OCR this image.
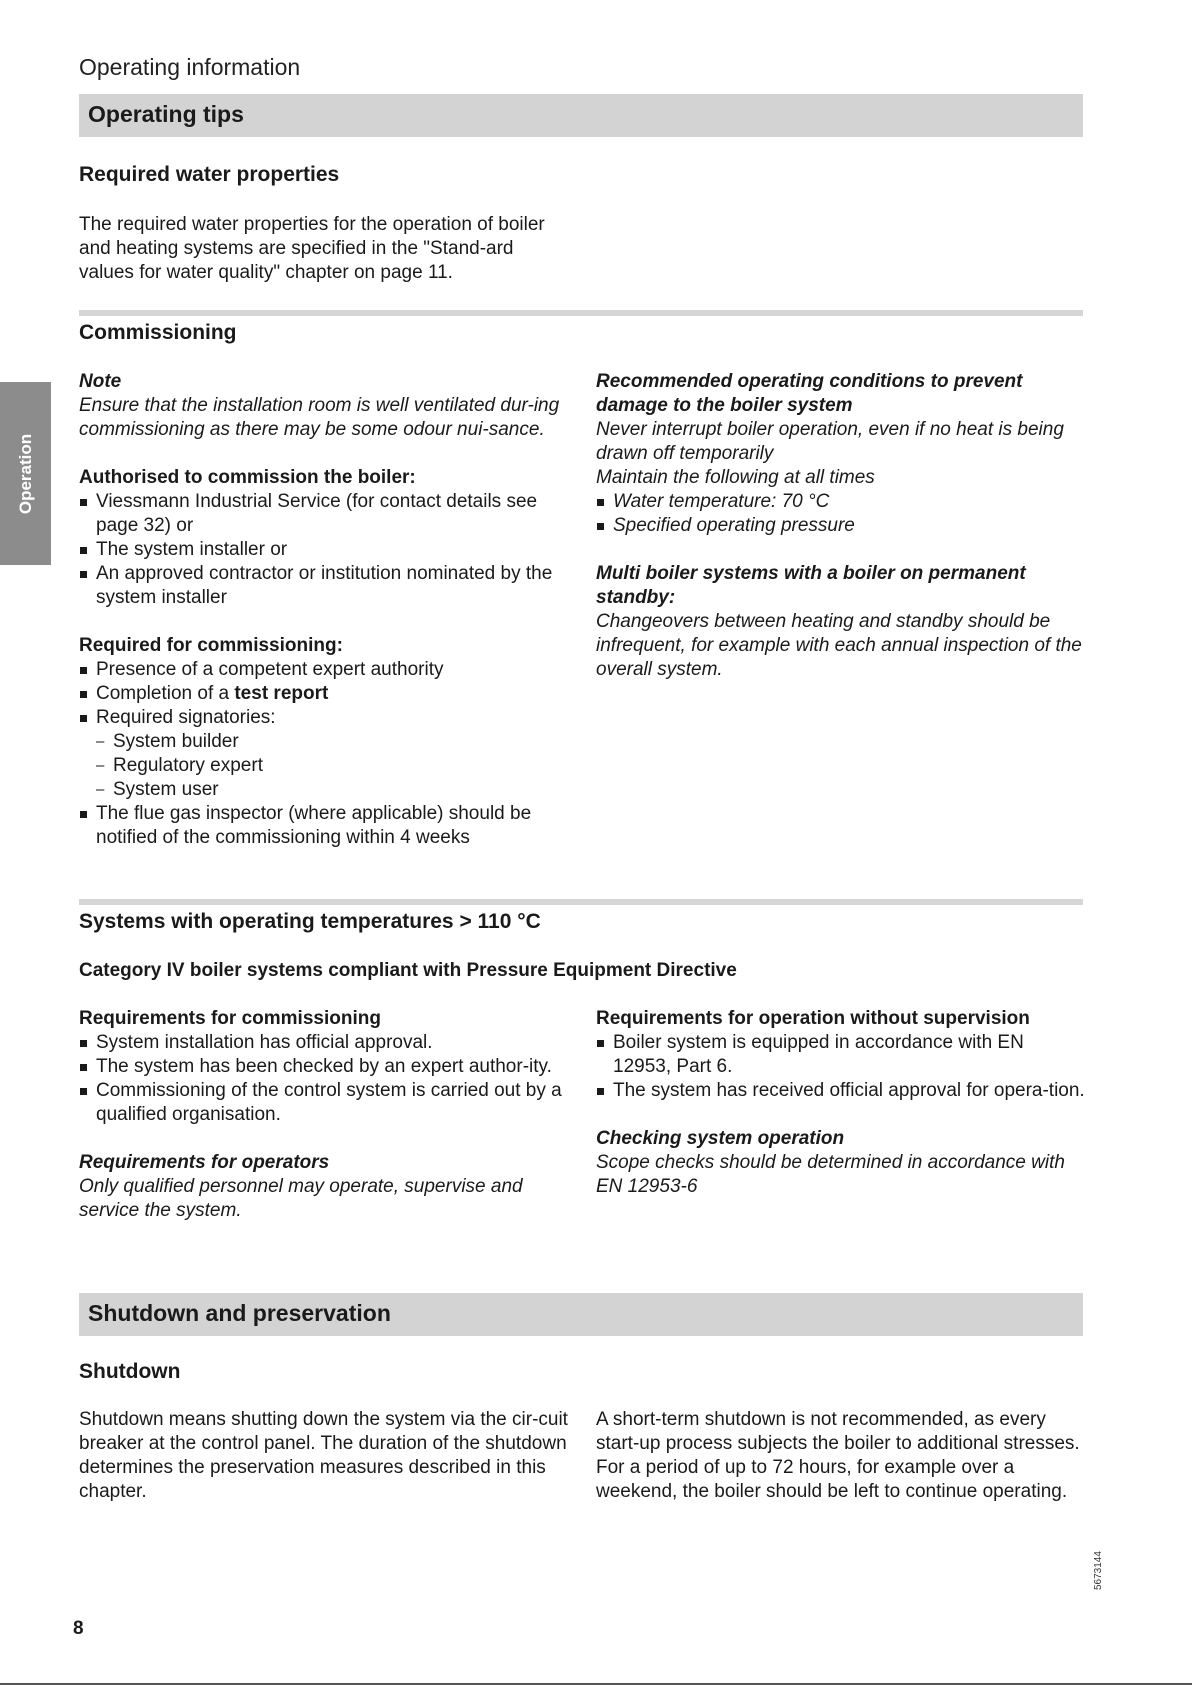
Operating information
Operating tips
Required water properties

The required water properties for the operation of boiler and heating systems are specified in the "Stand-ard values for water quality" chapter on page 11.

Commissioning

Note

Ensure that the installation room is well ventilated dur-ing commissioning as there may be some odour nui-sance.

Authorised to commission the boiler:

Viessmann Industrial Service (for contact details see page 32) or
The system installer or
An approved contractor or institution nominated by the system installer

Required for commissioning:

Presence of a competent expert authority
Completion of a test report
Required signatories:
– System builder
– Regulatory expert
– System user
The flue gas inspector (where applicable) should be notified of the commissioning within 4 weeks

Recommended operating conditions to prevent damage to the boiler system

Never interrupt boiler operation, even if no heat is being drawn off temporarily

Maintain the following at all times

Water temperature: 70 °C
Specified operating pressure

Multi boiler systems with a boiler on permanent standby:

Changeovers between heating and standby should be infrequent, for example with each annual inspection of the overall system.

Systems with operating temperatures > 110 °C
Category IV boiler systems compliant with Pressure Equipment Directive

Requirements for commissioning

System installation has official approval.
The system has been checked by an expert author-ity.
Commissioning of the control system is carried out by a qualified organisation.

Requirements for operators

Only qualified personnel may operate, supervise and service the system.

Requirements for operation without supervision

Boiler system is equipped in accordance with EN 12953, Part 6.
The system has received official approval for opera-tion.

Checking system operation

Scope checks should be determined in accordance with EN 12953-6

Shutdown and preservation
Shutdown

Shutdown means shutting down the system via the cir-cuit breaker at the control panel. The duration of the shutdown determines the preservation measures described in this chapter.

A short-term shutdown is not recommended, as every start-up process subjects the boiler to additional stresses. For a period of up to 72 hours, for example over a weekend, the boiler should be left to continue operating.

Operation
8
5673144
